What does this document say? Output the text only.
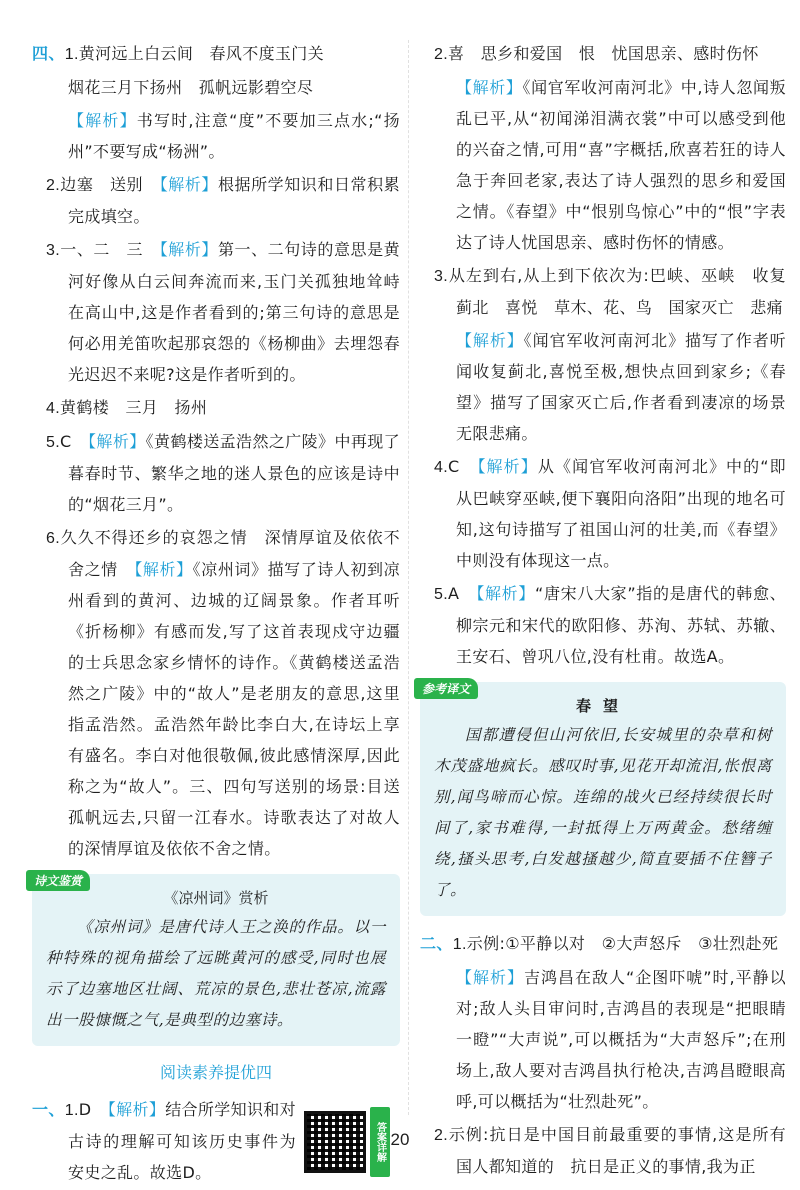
四、1.黄河远上白云间　春风不度玉门关
烟花三月下扬州　孤帆远影碧空尽
【解析】书写时,注意“度”不要加三点水;“扬州”不要写成“杨洲”。
2.边塞　送别　【解析】根据所学知识和日常积累完成填空。
3.一、二　三　【解析】第一、二句诗的意思是黄河好像从白云间奔流而来,玉门关孤独地耸峙在高山中,这是作者看到的;第三句诗的意思是何必用羌笛吹起那哀怨的《杨柳曲》去埋怨春光迟迟不来呢?这是作者听到的。
4.黄鹤楼　三月　扬州
5.C　【解析】《黄鹤楼送孟浩然之广陵》中再现了暮春时节、繁华之地的迷人景色的应该是诗中的“烟花三月”。
6.久久不得还乡的哀怨之情　深情厚谊及依依不舍之情　【解析】《凉州词》描写了诗人初到凉州看到的黄河、边城的辽阔景象。作者耳听《折杨柳》有感而发,写了这首表现戍守边疆的士兵思念家乡情怀的诗作。《黄鹤楼送孟浩然之广陵》中的“故人”是老朋友的意思,这里指孟浩然。孟浩然年龄比李白大,在诗坛上享有盛名。李白对他很敬佩,彼此感情深厚,因此称之为“故人”。三、四句写送别的场景:目送孤帆远去,只留一江春水。诗歌表达了对故人的深情厚谊及依依不舍之情。
诗文鉴赏
《凉州词》赏析
《凉州词》是唐代诗人王之涣的作品。以一种特殊的视角描绘了远眺黄河的感受,同时也展示了边塞地区壮阔、荒凉的景色,悲壮苍凉,流露出一股慷慨之气,是典型的边塞诗。
阅读素养提优四
一、1.D　【解析】结合所学知识和对古诗的理解可知该历史事件为安史之乱。故选D。
答案详解
2.喜　思乡和爱国　恨　忧国思亲、感时伤怀
【解析】《闻官军收河南河北》中,诗人忽闻叛乱已平,从“初闻涕泪满衣裳”中可以感受到他的兴奋之情,可用“喜”字概括,欣喜若狂的诗人急于奔回老家,表达了诗人强烈的思乡和爱国之情。《春望》中“恨别鸟惊心”中的“恨”字表达了诗人忧国思亲、感时伤怀的情感。
3.从左到右,从上到下依次为:巴峡、巫峡　收复蓟北　喜悦　草木、花、鸟　国家灭亡　悲痛
【解析】《闻官军收河南河北》描写了作者听闻收复蓟北,喜悦至极,想快点回到家乡;《春望》描写了国家灭亡后,作者看到凄凉的场景无限悲痛。
4.C　【解析】从《闻官军收河南河北》中的“即从巴峡穿巫峡,便下襄阳向洛阳”出现的地名可知,这句诗描写了祖国山河的壮美,而《春望》中则没有体现这一点。
5.A　【解析】“唐宋八大家”指的是唐代的韩愈、柳宗元和宋代的欧阳修、苏洵、苏轼、苏辙、王安石、曾巩八位,没有杜甫。故选A。
参考译文
春望
国都遭侵但山河依旧,长安城里的杂草和树木茂盛地疯长。感叹时事,见花开却流泪,怅恨离别,闻鸟啼而心惊。连绵的战火已经持续很长时间了,家书难得,一封抵得上万两黄金。愁绪缠绕,搔头思考,白发越搔越少,简直要插不住簪子了。
二、1.示例:①平静以对　②大声怒斥　③壮烈赴死
【解析】吉鸿昌在敌人“企图吓唬”时,平静以对;敌人头目审问时,吉鸿昌的表现是“把眼睛一瞪”“大声说”,可以概括为“大声怒斥”;在刑场上,敌人要对吉鸿昌执行枪决,吉鸿昌瞪眼高呼,可以概括为“壮烈赴死”。
2.示例:抗日是中国目前最重要的事情,这是所有国人都知道的　抗日是正义的事情,我为正
20
